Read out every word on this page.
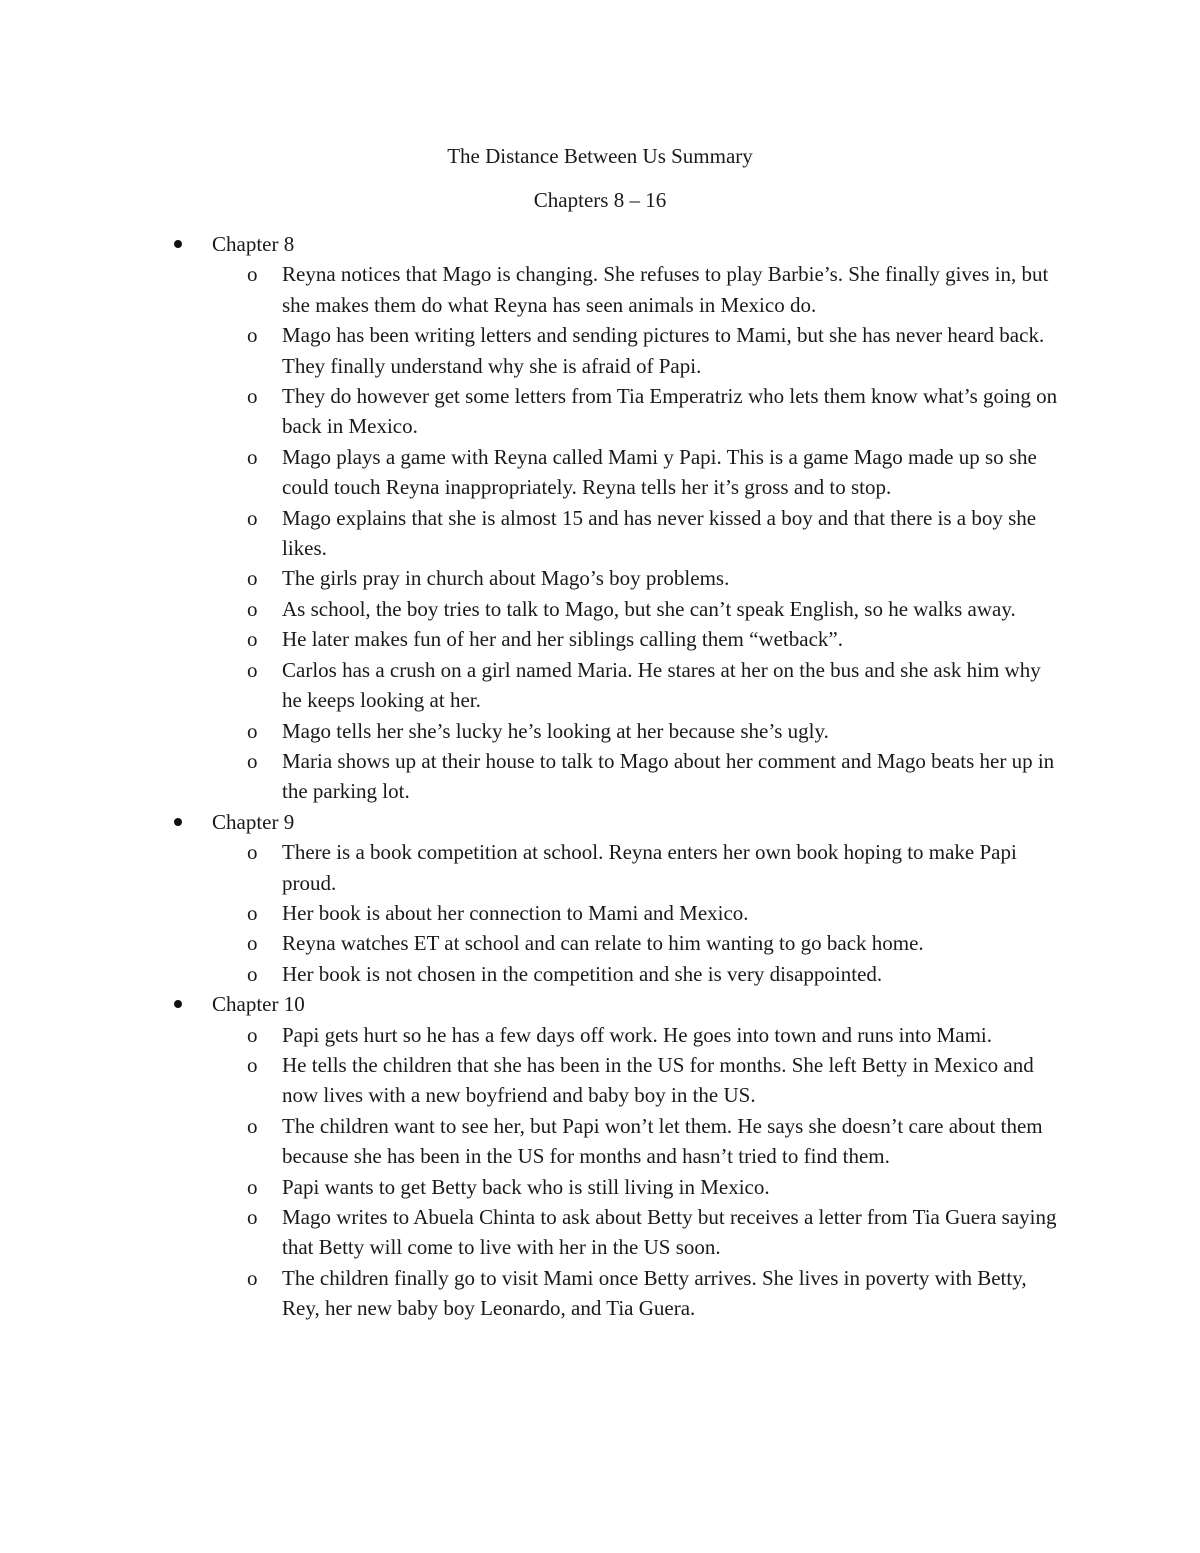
The Distance Between Us Summary
Chapters 8 – 16
Chapter 8
o Reyna notices that Mago is changing. She refuses to play Barbie’s. She finally gives in, but she makes them do what Reyna has seen animals in Mexico do.
o Mago has been writing letters and sending pictures to Mami, but she has never heard back. They finally understand why she is afraid of Papi.
o They do however get some letters from Tia Emperatriz who lets them know what’s going on back in Mexico.
o Mago plays a game with Reyna called Mami y Papi. This is a game Mago made up so she could touch Reyna inappropriately. Reyna tells her it’s gross and to stop.
o Mago explains that she is almost 15 and has never kissed a boy and that there is a boy she likes.
o The girls pray in church about Mago’s boy problems.
o As school, the boy tries to talk to Mago, but she can’t speak English, so he walks away.
o He later makes fun of her and her siblings calling them “wetback”.
o Carlos has a crush on a girl named Maria. He stares at her on the bus and she ask him why he keeps looking at her.
o Mago tells her she’s lucky he’s looking at her because she’s ugly.
o Maria shows up at their house to talk to Mago about her comment and Mago beats her up in the parking lot.
Chapter 9
o There is a book competition at school. Reyna enters her own book hoping to make Papi proud.
o Her book is about her connection to Mami and Mexico.
o Reyna watches ET at school and can relate to him wanting to go back home.
o Her book is not chosen in the competition and she is very disappointed.
Chapter 10
o Papi gets hurt so he has a few days off work. He goes into town and runs into Mami.
o He tells the children that she has been in the US for months. She left Betty in Mexico and now lives with a new boyfriend and baby boy in the US.
o The children want to see her, but Papi won’t let them. He says she doesn’t care about them because she has been in the US for months and hasn’t tried to find them.
o Papi wants to get Betty back who is still living in Mexico.
o Mago writes to Abuela Chinta to ask about Betty but receives a letter from Tia Guera saying that Betty will come to live with her in the US soon.
o The children finally go to visit Mami once Betty arrives. She lives in poverty with Betty, Rey, her new baby boy Leonardo, and Tia Guera.
